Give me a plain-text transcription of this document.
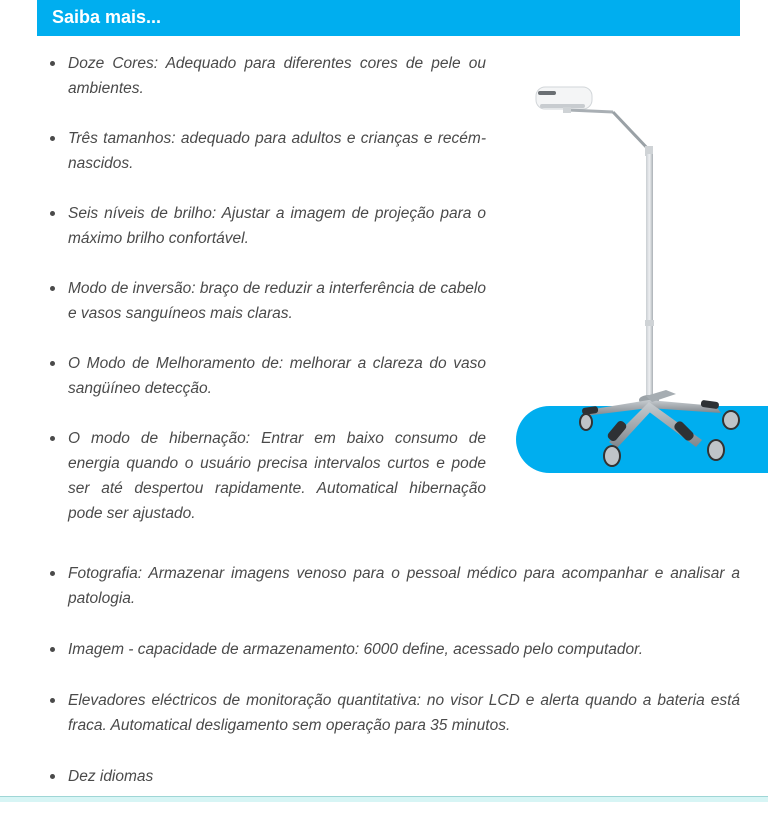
Saiba mais...
Doze Cores: Adequado para diferentes cores de pele ou ambientes.
Três tamanhos: adequado para adultos e crianças e recém-nascidos.
Seis níveis de brilho: Ajustar a imagem de projeção para o máximo brilho confortável.
Modo de inversão: braço de reduzir a interferência de cabelo e vasos sanguíneos mais claras.
O Modo de Melhoramento de: melhorar a clareza do vaso sangüíneo detecção.
O modo de hibernação: Entrar em baixo consumo de energia quando o usuário precisa intervalos curtos e pode ser até despertou rapidamente. Automatical hibernação pode ser ajustado.
Fotografia: Armazenar imagens venoso para o pessoal médico para acompanhar e analisar a patologia.
Imagem - capacidade de armazenamento: 6000 define, acessado pelo computador.
Elevadores eléctricos de monitoração quantitativa: no visor LCD e alerta quando a bateria está fraca. Automatical desligamento sem operação para 35 minutos.
Dez idiomas
